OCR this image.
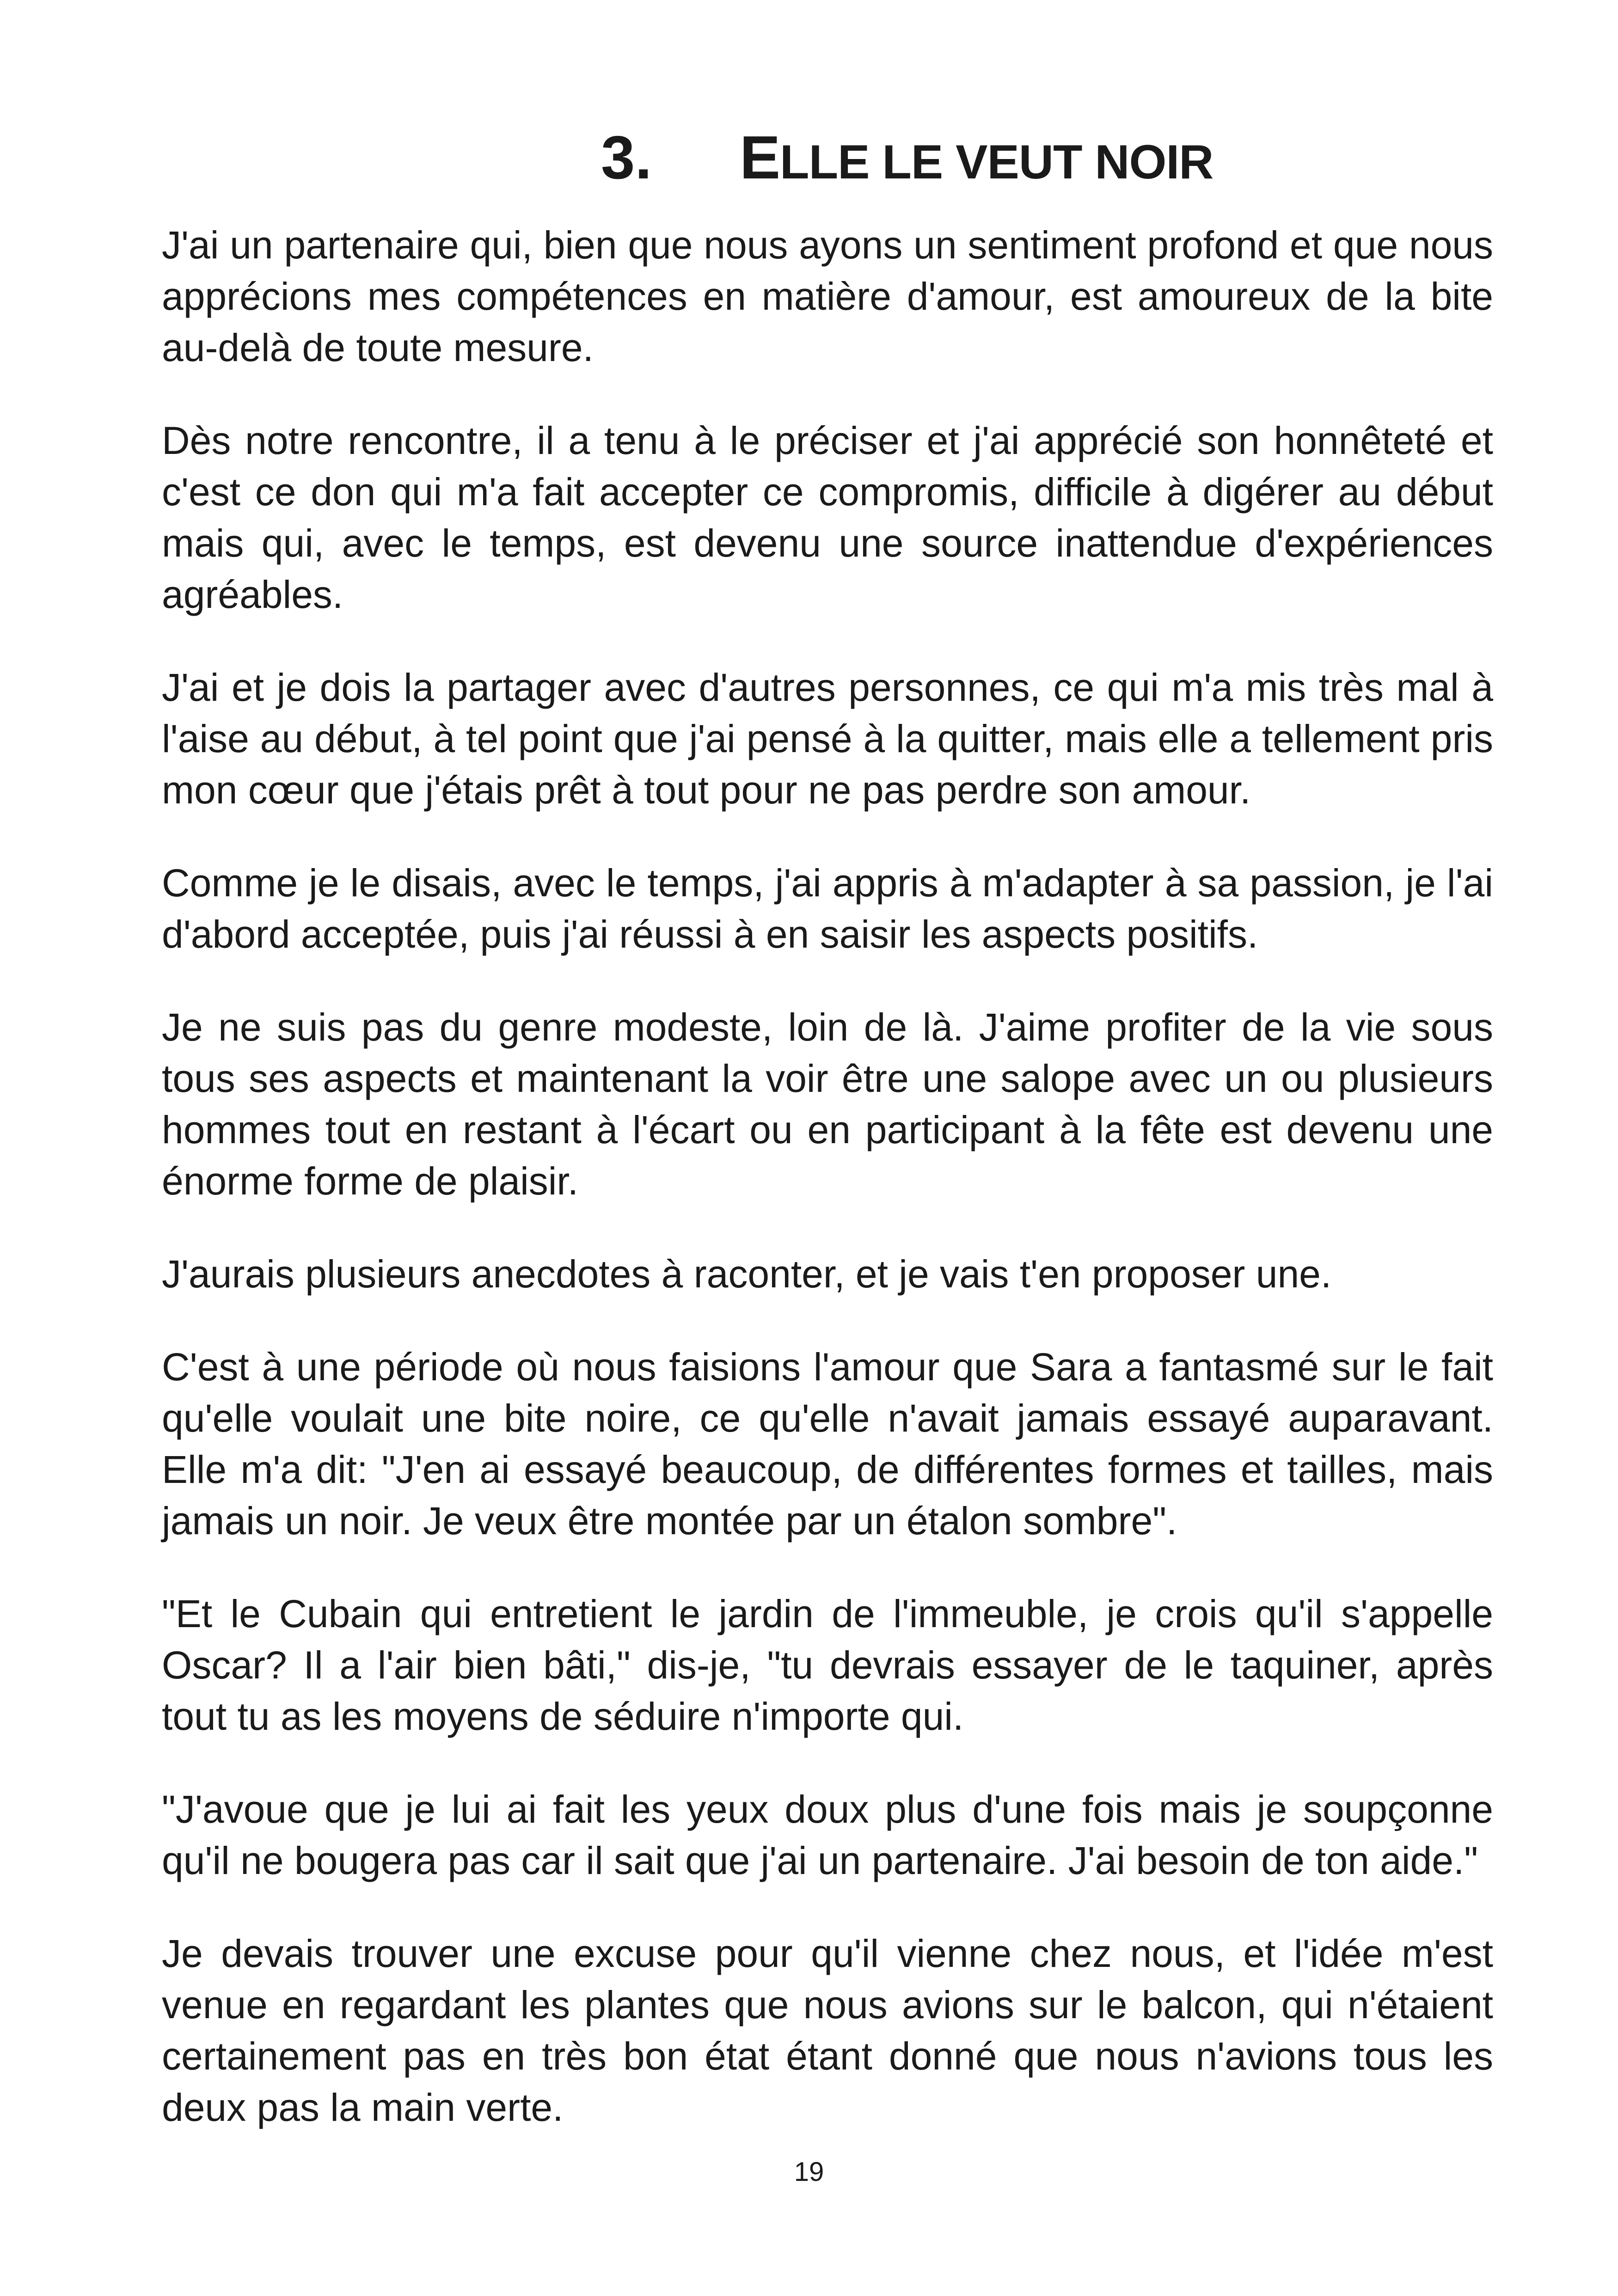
3.	ELLE LE VEUT NOIR

J'ai un partenaire qui, bien que nous ayons un sentiment profond et que nous apprécions mes compétences en matière d'amour, est amoureux de la bite au-delà de toute mesure.

Dès notre rencontre, il a tenu à le préciser et j'ai apprécié son honnêteté et c'est ce don qui m'a fait accepter ce compromis, difficile à digérer au début mais qui, avec le temps, est devenu une source inattendue d'expériences agréables.

J'ai et je dois la partager avec d'autres personnes, ce qui m'a mis très mal à l'aise au début, à tel point que j'ai pensé à la quitter, mais elle a tellement pris mon cœur que j'étais prêt à tout pour ne pas perdre son amour.

Comme je le disais, avec le temps, j'ai appris à m'adapter à sa passion, je l'ai d'abord acceptée, puis j'ai réussi à en saisir les aspects positifs.

Je ne suis pas du genre modeste, loin de là. J'aime profiter de la vie sous tous ses aspects et maintenant la voir être une salope avec un ou plusieurs hommes tout en restant à l'écart ou en participant à la fête est devenu une énorme forme de plaisir.

J'aurais plusieurs anecdotes à raconter, et je vais t'en proposer une.

C'est à une période où nous faisions l'amour que Sara a fantasmé sur le fait qu'elle voulait une bite noire, ce qu'elle n'avait jamais essayé auparavant. Elle m'a dit: "J'en ai essayé beaucoup, de différentes formes et tailles, mais jamais un noir. Je veux être montée par un étalon sombre".

"Et le Cubain qui entretient le jardin de l'immeuble, je crois qu'il s'appelle Oscar? Il a l'air bien bâti," dis-je, "tu devrais essayer de le taquiner, après tout tu as les moyens de séduire n'importe qui.

"J'avoue que je lui ai fait les yeux doux plus d'une fois mais je soupçonne qu'il ne bougera pas car il sait que j'ai un partenaire. J'ai besoin de ton aide."

Je devais trouver une excuse pour qu'il vienne chez nous, et l'idée m'est venue en regardant les plantes que nous avions sur le balcon, qui n'étaient certainement pas en très bon état étant donné que nous n'avions tous les deux pas la main verte.

19
